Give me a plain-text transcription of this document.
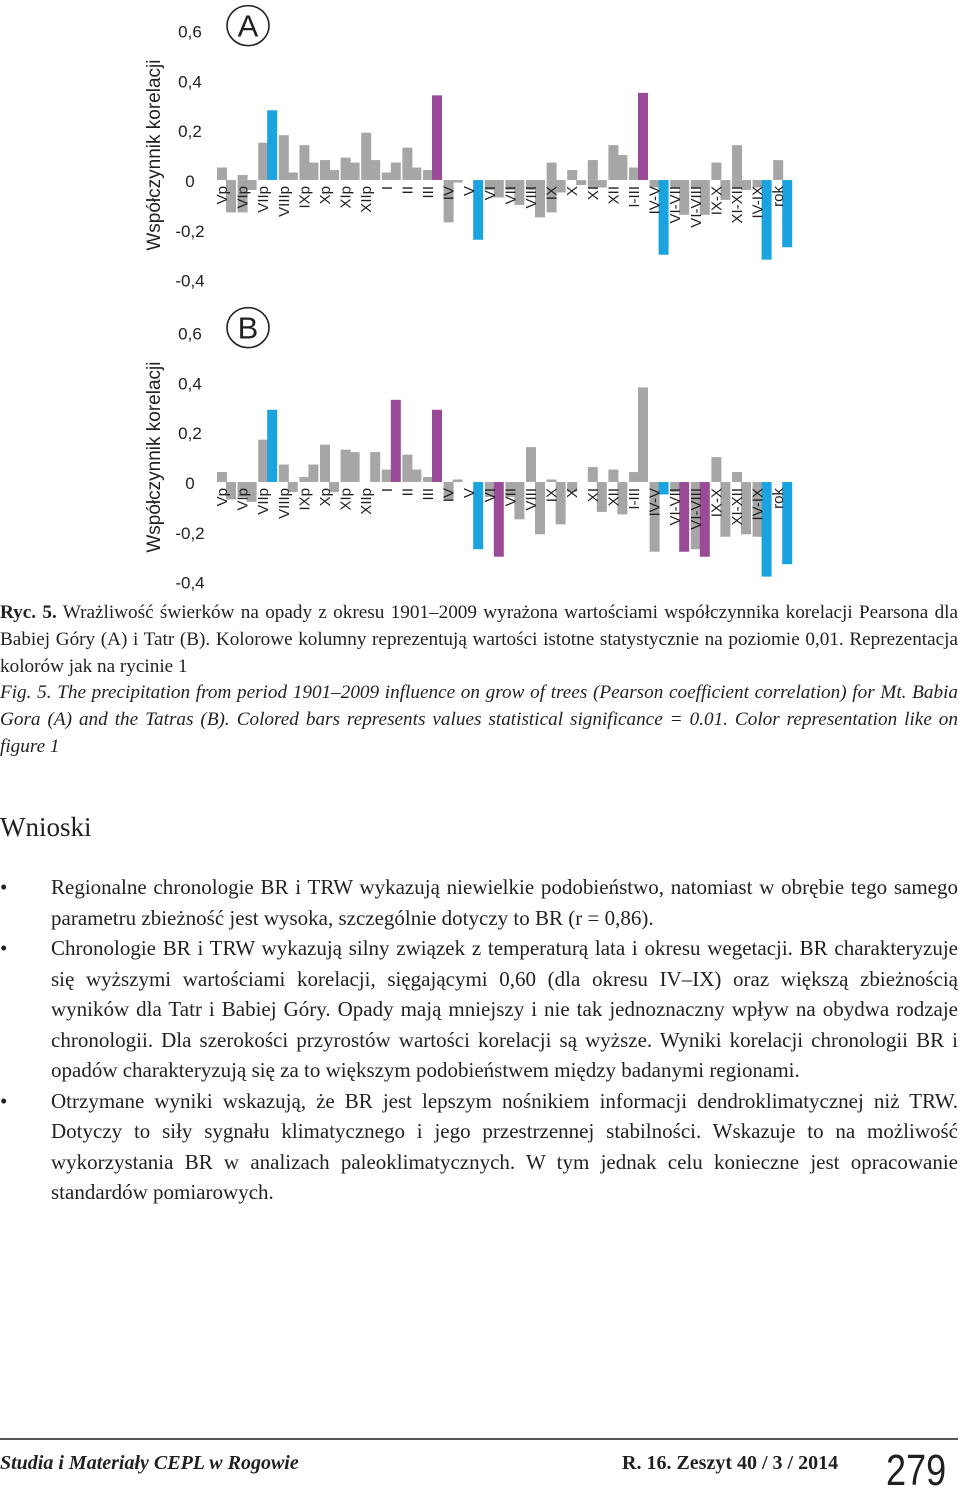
Współczynnik korelacji
-0,4
-0,2
0
0,2
0,4
0,6 A
Vp VIp VIIp VIIIp IXp Xp XIp XIIp I II III IV V VI VII VIII IX X XI XII I-III IV-V VI-VII VI-VIII IX-X XI-XII IV-IX rok
Współczynnik korelacji
-0,4
-0,2
0
0,2
0,4
0,6 B
Vp VIp VIIp VIIIp IXp Xp XIp XIIp I II III IV V VI VII VIII IX X XI XII I-III IV-V VI-VII VI-VIII IX-X XI-XII IV-IX rok

Ryc. 5. Wrażliwość świerków na opady z okresu 1901–2009 wyrażona wartościami współczynnika korelacji Pearsona dla Babiej Góry (A) i Tatr (B). Kolorowe kolumny reprezentują wartości istotne statystycznie na poziomie 0,01. Reprezentacja kolorów jak na rycinie 1

Fig. 5. The precipitation from period 1901–2009 influence on grow of trees (Pearson coefficient correlation) for Mt. Babia Gora (A) and the Tatras (B). Colored bars represents values statistical significance = 0.01. Color representation like on figure 1

Wnioski
• Regionalne chronologie BR i TRW wykazują niewielkie podobieństwo, natomiast w obrębie tego samego parametru zbieżność jest wysoka, szczególnie dotyczy to BR (r = 0,86).
• Chronologie BR i TRW wykazują silny związek z temperaturą lata i okresu wegetacji. BR charakteryzuje się wyższymi wartościami korelacji, sięgającymi 0,60 (dla okresu IV–IX) oraz większą zbieżnością wyników dla Tatr i Babiej Góry. Opady mają mniejszy i nie tak jednoznaczny wpływ na obydwa rodzaje chronologii. Dla szerokości przyrostów wartości korelacji są wyższe. Wyniki korelacji chronologii BR i opadów charakteryzują się za to większym podobieństwem między badanymi regionami.
• Otrzymane wyniki wskazują, że BR jest lepszym nośnikiem informacji dendroklimatycznej niż TRW. Dotyczy to siły sygnału klimatycznego i jego przestrzennej stabilności. Wskazuje to na możliwość wykorzystania BR w analizach paleoklimatycznych. W tym jednak celu konieczne jest opracowanie standardów pomiarowych.
Studia i Materiały CEPL w Rogowie	R. 16. Zeszyt 40 / 3 / 2014 279
